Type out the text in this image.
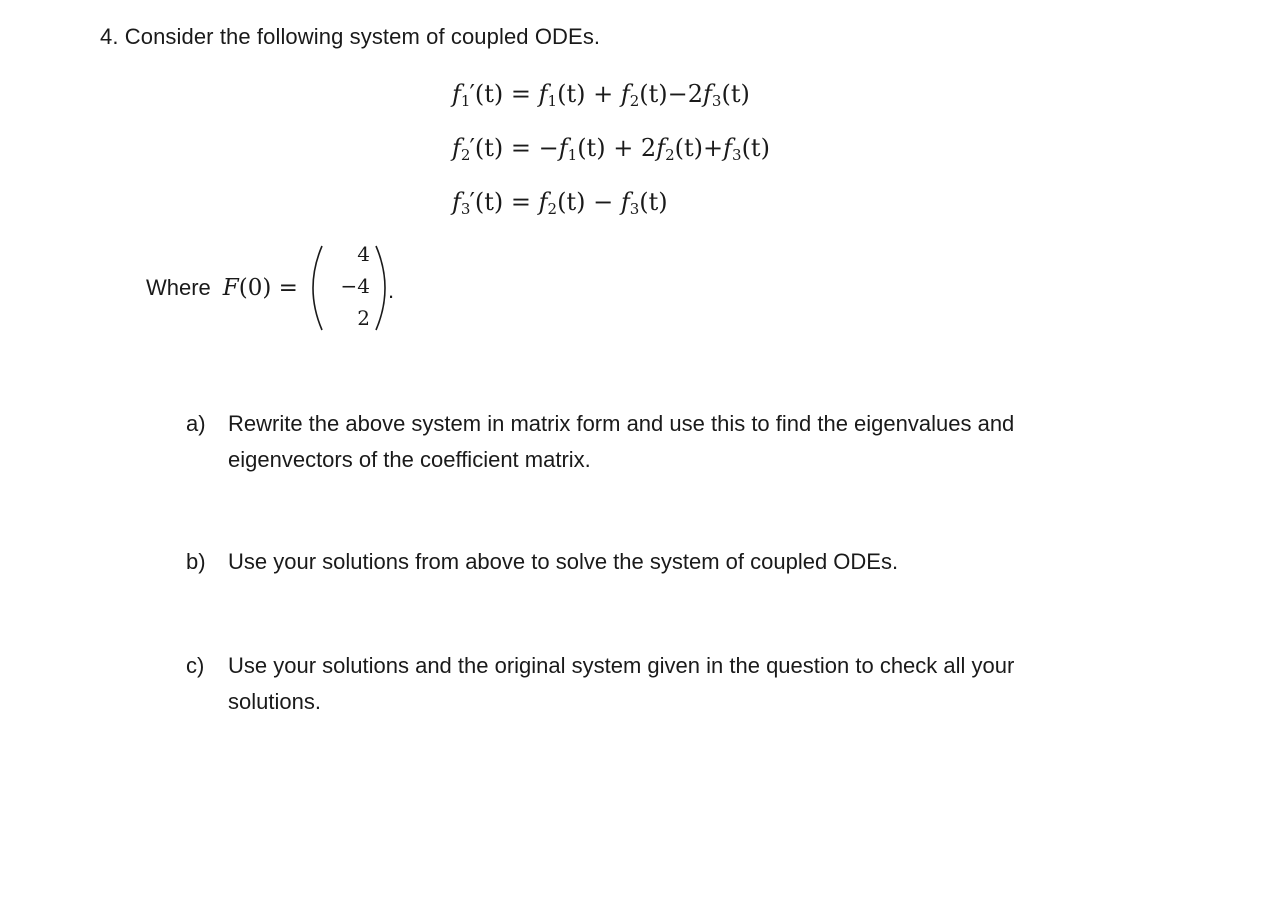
4. Consider the following system of coupled ODEs.
$f_1'(t) = f_1(t) + f_2(t)-2f_3(t)$
$f_2'(t) = -f_1(t) + 2f_2(t)+f_3(t)$
$f_3'(t) = f_2(t) - f_3(t)$
Where F(0) =
4
−4
2
.
a) Rewrite the above system in matrix form and use this to find the eigenvalues and eigenvectors of the coefficient matrix.
b) Use your solutions from above to solve the system of coupled ODEs.
c) Use your solutions and the original system given in the question to check all your solutions.
